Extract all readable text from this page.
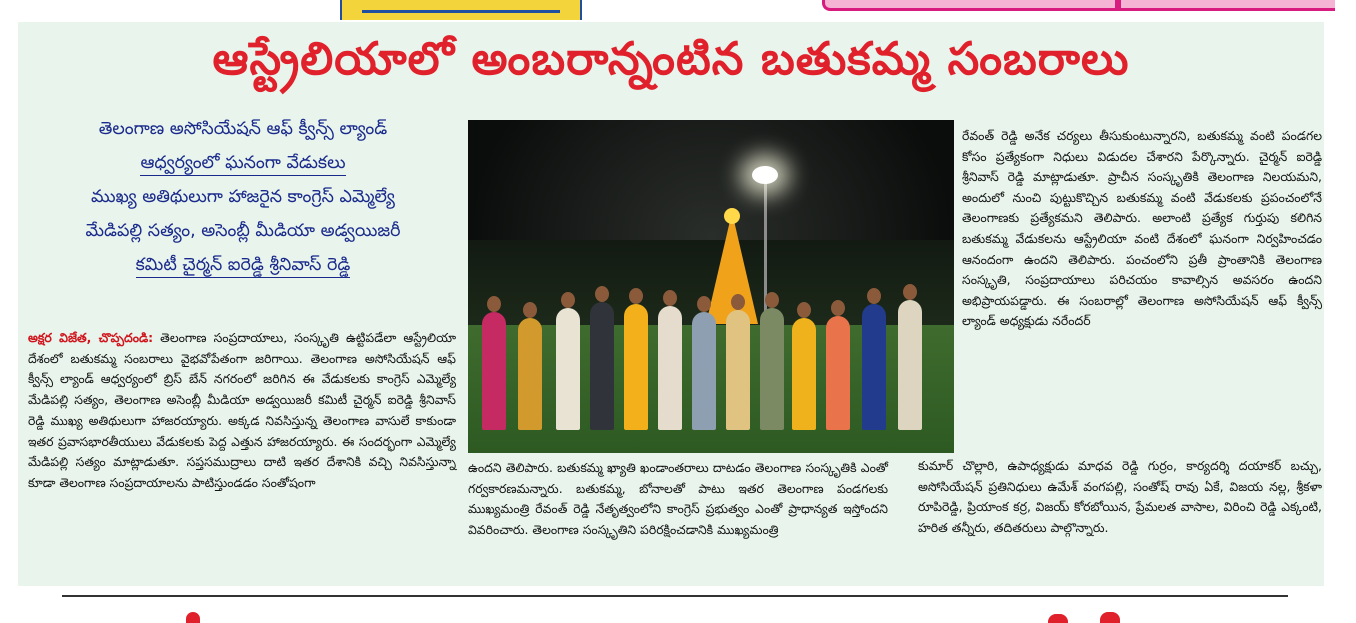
ఆస్ట్రేలియాలో అంబరాన్నంటిన బతుకమ్మ సంబరాలు
తెలంగాణ అసోసియేషన్ ఆఫ్ క్వీన్స్ ల్యాండ్
ఆధ్వర్యంలో ఘనంగా వేడుకలు
ముఖ్య అతిథులుగా హాజరైన కాంగ్రెస్ ఎమ్మెల్యే
మేడిపల్లి సత్యం, అసెంబ్లీ మీడియా అడ్వయిజరీ
కమిటీ చైర్మన్ ఐరెడ్డి శ్రీనివాస్ రెడ్డి
అక్షర విజేత, చొప్పదండి: తెలంగాణ సంప్రదాయాలు, సంస్కృతి ఉట్టిపడేలా ఆస్ట్రేలియా దేశంలో బతుకమ్మ సంబరాలు వైభవోపేతంగా జరిగాయి. తెలంగాణ అసోసియేషన్ ఆఫ్ క్వీన్స్ ల్యాండ్ ఆధ్వర్యంలో బ్రిస్ బేన్ నగరంలో జరిగిన ఈ వేడుకలకు కాంగ్రెస్ ఎమ్మెల్యే మేడిపల్లి సత్యం, తెలంగాణ అసెంబ్లీ మీడియా అడ్వయిజరీ కమిటీ చైర్మన్ ఐరెడ్డి శ్రీనివాస్ రెడ్డి ముఖ్య అతిథులుగా హాజరయ్యారు. అక్కడ నివసిస్తున్న తెలంగాణ వాసులే కాకుండా ఇతర ప్రవాసభారతీయులు వేడుకలకు పెద్ద ఎత్తున హాజరయ్యారు. ఈ సందర్భంగా ఎమ్మెల్యే మేడిపల్లి సత్యం మాట్లాడుతూ. సప్తసముద్రాలు దాటి ఇతర దేశానికి వచ్చి నివసిస్తున్నా కూడా తెలంగాణ సంప్రదాయాలను పాటిస్తుండడం సంతోషంగా
ఉందని తెలిపారు. బతుకమ్మ ఖ్యాతి ఖండాంతరాలు దాటడం తెలంగాణ సంస్కృతికి ఎంతో గర్వకారణమన్నారు. బతుకమ్మ, బోనాలతో పాటు ఇతర తెలంగాణ పండగలకు ముఖ్యమంత్రి రేవంత్ రెడ్డి నేతృత్వంలోని కాంగ్రెస్ ప్రభుత్వం ఎంతో ప్రాధాన్యత ఇస్తోందని వివరించారు. తెలంగాణ సంస్కృతిని పరిరక్షించడానికి ముఖ్యమంత్రి
రేవంత్ రెడ్డి అనేక చర్యలు తీసుకుంటున్నారని, బతుకమ్మ వంటి పండగల కోసం ప్రత్యేకంగా నిధులు విడుదల చేశారని పేర్కొన్నారు. చైర్మన్ ఐరెడ్డి శ్రీనివాస్ రెడ్డి మాట్లాడుతూ. ప్రాచీన సంస్కృతికి తెలంగాణ నిలయమని, అందులో నుంచి పుట్టుకొచ్చిన బతుకమ్మ వంటి వేడుకలకు ప్రపంచంలోనే తెలంగాణకు ప్రత్యేకమని తెలిపారు. అలాంటి ప్రత్యేక గుర్తుపు కలిగిన బతుకమ్మ వేడుకలను ఆస్ట్రేలియా వంటి దేశంలో ఘనంగా నిర్వహించడం ఆనందంగా ఉందని తెలిపారు. పంచంలోని ప్రతీ ప్రాంతానికి తెలంగాణ సంస్కృతి, సంప్రదాయాలు పరిచయం కావాల్సిన అవసరం ఉందని అభిప్రాయపడ్డారు. ఈ సంబరాల్లో తెలంగాణ అసోసియేషన్ ఆఫ్ క్వీన్స్ ల్యాండ్ అధ్యక్షుడు నరేందర్
కుమార్ చొల్లారి, ఉపాధ్యక్షుడు మాధవ రెడ్డి గుర్రం, కార్యదర్శి దయాకర్ బచ్చు, అసోసియేషన్ ప్రతినిధులు ఉమేశ్ వంగపల్లి, సంతోష్ రావు ఏకే, విజయ నల్ల, శ్రీకళా రూపిరెడ్డి, ప్రియాంక కర్ర, విజయ్ కోరబోయిన, ప్రేమలత వాసాల, విరించి రెడ్డి ఎక్కంటి, హరిత తన్నీరు, తదితరులు పాల్గొన్నారు.
